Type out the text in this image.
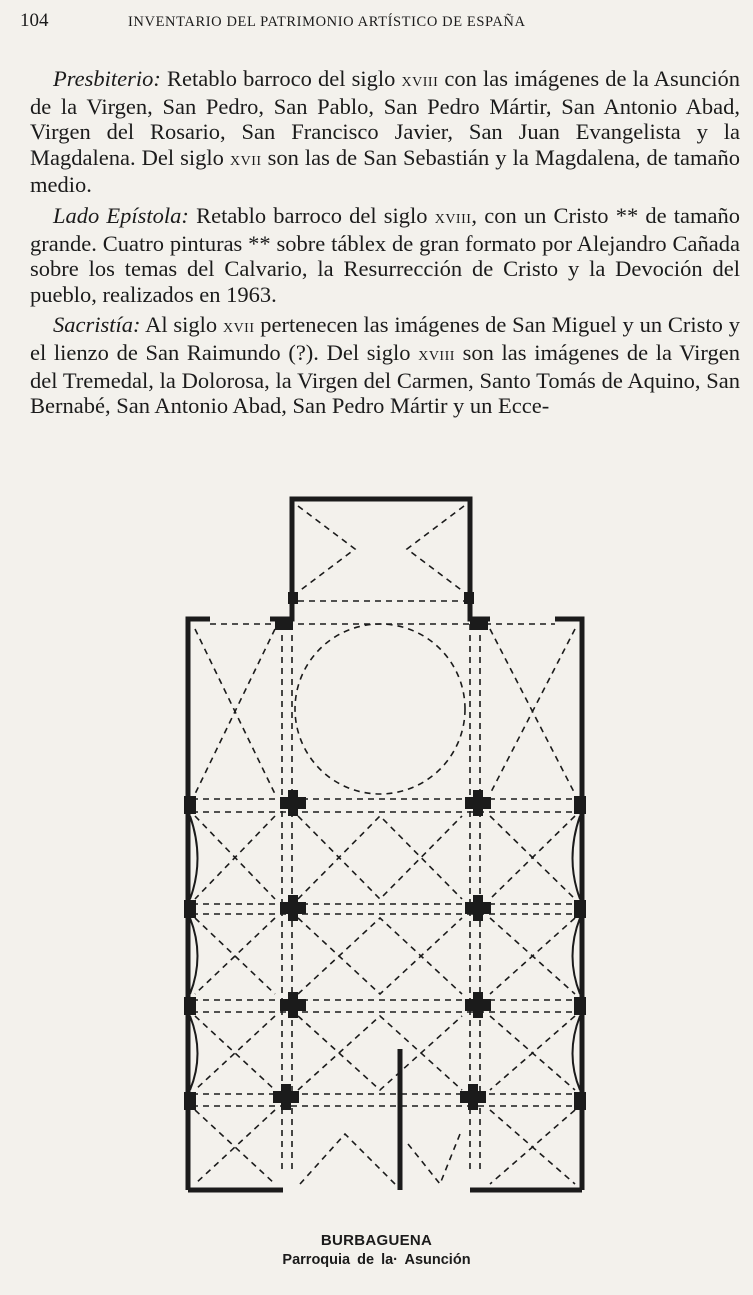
104	INVENTARIO DEL PATRIMONIO ARTÍSTICO DE ESPAÑA

Presbiterio: Retablo barroco del siglo xviii con las imágenes de la Asunción de la Virgen, San Pedro, San Pablo, San Pedro Mártir, San Antonio Abad, Virgen del Rosario, San Francisco Javier, San Juan Evangelista y la Magdalena. Del siglo xvii son las de San Sebastián y la Magdalena, de tamaño medio.

Lado Epístola: Retablo barroco del siglo xviii, con un Cristo ** de tamaño grande. Cuatro pinturas ** sobre táblex de gran formato por Alejandro Cañada sobre los temas del Calvario, la Resurrección de Cristo y la Devoción del pueblo, realizados en 1963.

Sacristía: Al siglo xvii pertenecen las imágenes de San Miguel y un Cristo y el lienzo de San Raimundo (?). Del siglo xviii son las imágenes de la Virgen del Tremedal, la Dolorosa, la Virgen del Carmen, Santo Tomás de Aquino, San Bernabé, San Antonio Abad, San Pedro Mártir y un Ecce-

BURBAGUENA
Parroquia de la· Asunción
